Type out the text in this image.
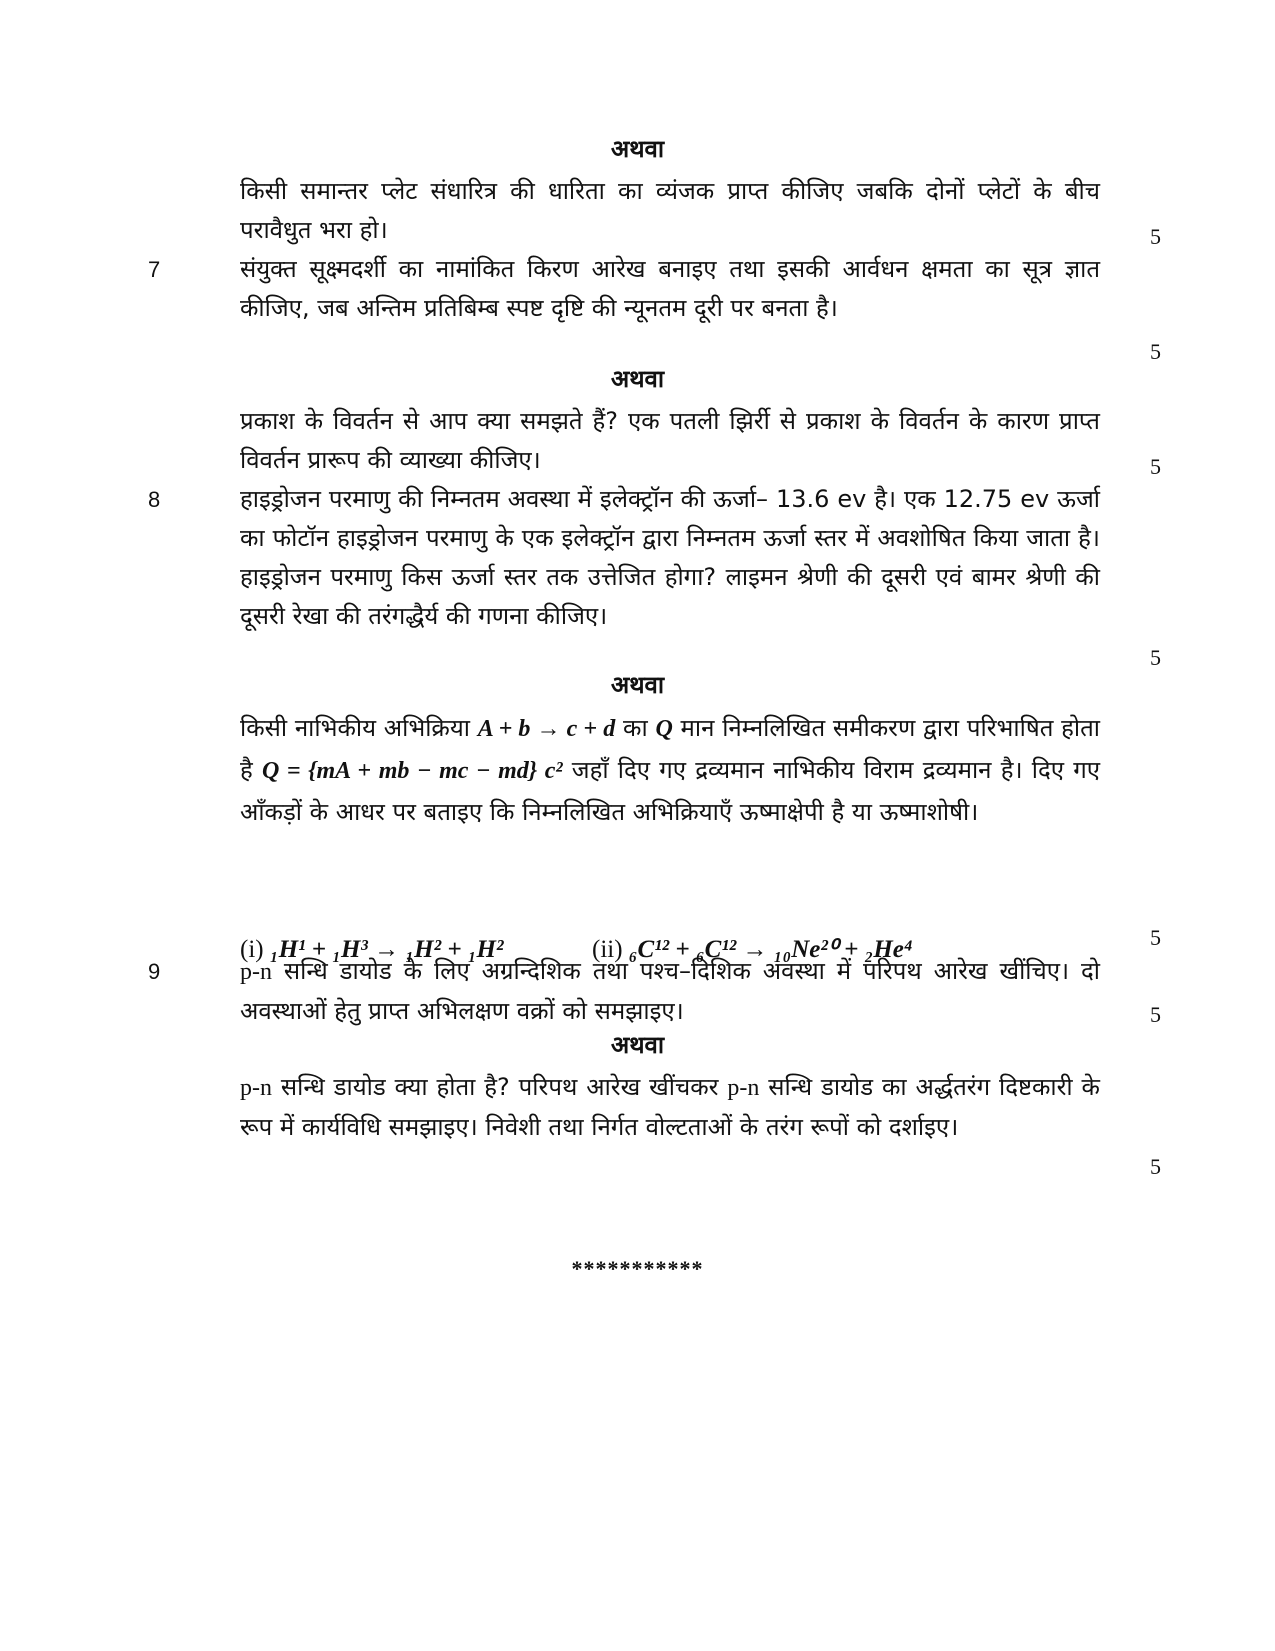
अथवा
किसी समान्तर प्लेट संधारित्र की धारिता का व्यंजक प्राप्त कीजिए जबकि दोनों प्लेटों के बीच परावैधुत भरा हो।	5
7	संयुक्त सूक्ष्मदर्शी का नामांकित किरण आरेख बनाइए तथा इसकी आर्वधन क्षमता का सूत्र ज्ञात कीजिए, जब अन्तिम प्रतिबिम्ब स्पष्ट दृष्टि की न्यूनतम दूरी पर बनता है।
5
अथवा
प्रकाश के विवर्तन से आप क्या समझते हैं? एक पतली झिर्री से प्रकाश के विवर्तन के कारण प्राप्त विवर्तन प्रारूप की व्याख्या कीजिए।	5
8	हाइड्रोजन परमाणु की निम्नतम अवस्था में इलेक्ट्रॉन की ऊर्जा– 13.6 ev है। एक 12.75 ev ऊर्जा का फोटॉन हाइड्रोजन परमाणु के एक इलेक्ट्रॉन द्वारा निम्नतम ऊर्जा स्तर में अवशोषित किया जाता है। हाइड्रोजन परमाणु किस ऊर्जा स्तर तक उत्तेजित होगा? लाइमन श्रेणी की दूसरी एवं बामर श्रेणी की दूसरी रेखा की तरंगद्धैर्य की गणना कीजिए।
5
अथवा
किसी नाभिकीय अभिक्रिया A + b → c + d का Q मान निम्नलिखित समीकरण द्वारा परिभाषित होता है Q = {mA + mb − mc − md} c² जहाँ दिए गए द्रव्यमान नाभिकीय विराम द्रव्यमान है। दिए गए आँकड़ों के आधर पर बताइए कि निम्नलिखित अभिक्रियाएँ ऊष्माक्षेपी है या ऊष्माशोषी।
(i) ₁H¹ + ₁H³ → ₁H² + ₁H²	(ii) ₆C¹² + ₆C¹² → ₁₀Ne²⁰ + ₂He⁴	5
9	p-n सन्धि डायोड के लिए अग्रन्दिशिक तथा पश्च–दिशिक अवस्था में परिपथ आरेख खींचिए। दो अवस्थाओं हेतु प्राप्त अभिलक्षण वक्रों को समझाइए।	5
अथवा
p-n सन्धि डायोड क्या होता है? परिपथ आरेख खींचकर p-n सन्धि डायोड का अर्द्धतरंग दिष्टकारी के रूप में कार्यविधि समझाइए। निवेशी तथा निर्गत वोल्टताओं के तरंग रूपों को दर्शाइए।
5
***********
